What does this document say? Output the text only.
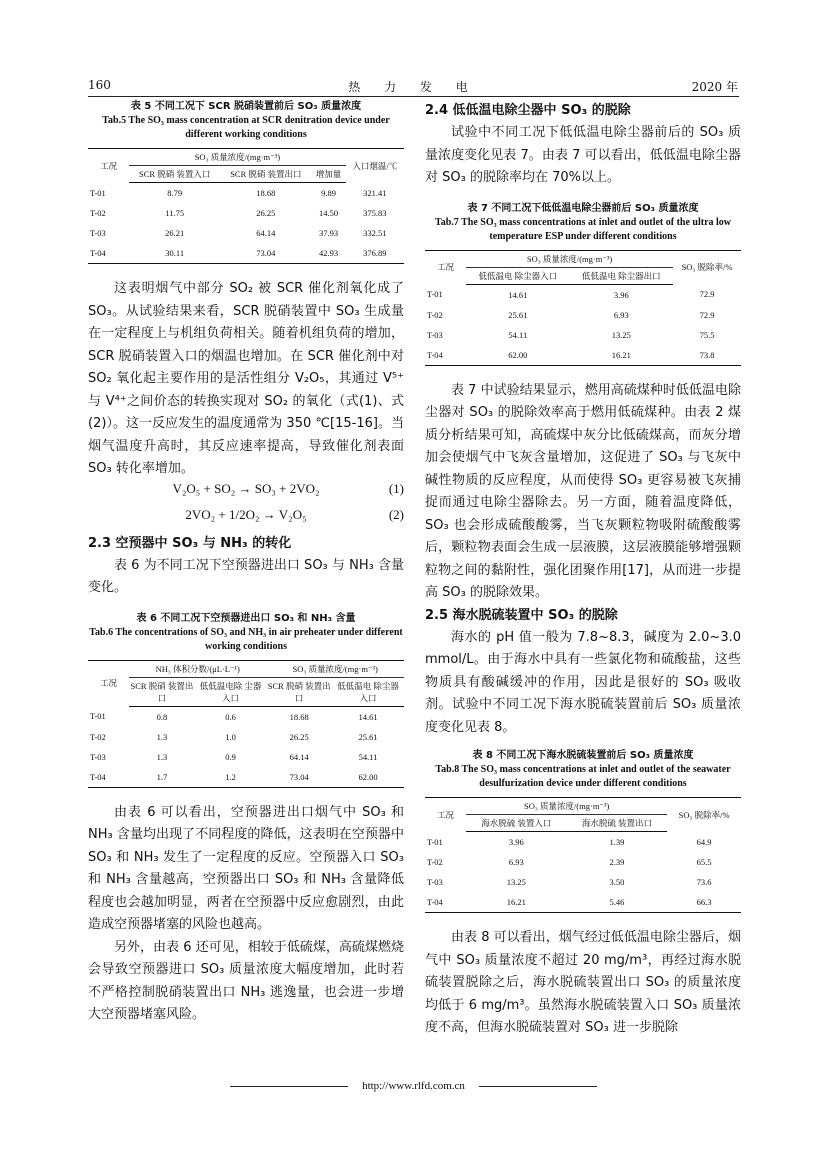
160	热 力 发 电	2020 年
表 5 不同工况下 SCR 脱硝装置前后 SO₃ 质量浓度
Tab.5 The SO₃ mass concentration at SCR denitration device under different working conditions
工况	SO₃ 质量浓度/(mg·m⁻³)			入口烟温/℃
	SCR 脱硝 装置入口	SCR 脱硝 装置出口	增加量	
T-01	8.79	18.68	9.89	321.41
T-02	11.75	26.25	14.50	375.83
T-03	26.21	64.14	37.93	332.51
T-04	30.11	73.04	42.93	376.89

这表明烟气中部分 SO₂ 被 SCR 催化剂氧化成了 SO₃。从试验结果来看，SCR 脱硝装置中 SO₃ 生成量在一定程度上与机组负荷相关。随着机组负荷的增加，SCR 脱硝装置入口的烟温也增加。在 SCR 催化剂中对 SO₂ 氧化起主要作用的是活性组分 V₂O₅，其通过 V⁵⁺与 V⁴⁺之间价态的转换实现对 SO₂ 的氧化（式(1)、式(2)）。这一反应发生的温度通常为 350 ℃[15-16]。当烟气温度升高时，其反应速率提高，导致催化剂表面 SO₃ 转化率增加。

V₂O₅ + SO₂ → SO₃ + 2VO₂	(1)
2VO₂ + 1/2O₂ → V₂O₅	(2)
2.3 空预器中 SO₃ 与 NH₃ 的转化

表 6 为不同工况下空预器进出口 SO₃ 与 NH₃ 含量变化。

表 6 不同工况下空预器进出口 SO₃ 和 NH₃ 含量
Tab.6 The concentrations of SO₃ and NH₃ in air preheater under different working conditions
工况	NH₃ 体积分数/(μL·L⁻¹)		SO₃ 质量浓度/(mg·m⁻³)	
	SCR 脱硝 装置出口	低低温电除 尘器入口	SCR 脱硝 装置出口	低低温电 除尘器入口
T-01	0.8	0.6	18.68	14.61
T-02	1.3	1.0	26.25	25.61
T-03	1.3	0.9	64.14	54.11
T-04	1.7	1.2	73.04	62.00

由表 6 可以看出，空预器进出口烟气中 SO₃ 和 NH₃ 含量均出现了不同程度的降低，这表明在空预器中 SO₃ 和 NH₃ 发生了一定程度的反应。空预器入口 SO₃ 和 NH₃ 含量越高，空预器出口 SO₃ 和 NH₃ 含量降低程度也会越加明显，两者在空预器中反应愈剧烈，由此造成空预器堵塞的风险也越高。

另外，由表 6 还可见，相较于低硫煤，高硫煤燃烧会导致空预器进口 SO₃ 质量浓度大幅度增加，此时若不严格控制脱硝装置出口 NH₃ 逃逸量，也会进一步增大空预器堵塞风险。

2.4 低低温电除尘器中 SO₃ 的脱除

试验中不同工况下低低温电除尘器前后的 SO₃ 质量浓度变化见表 7。由表 7 可以看出，低低温电除尘器对 SO₃ 的脱除率均在 70%以上。

表 7 不同工况下低低温电除尘器前后 SO₃ 质量浓度
Tab.7 The SO₃ mass concentrations at inlet and outlet of the ultra low temperature ESP under different conditions
工况	SO₃ 质量浓度/(mg·m⁻³)		SO₃ 脱除率/%
	低低温电 除尘器入口	低低温电 除尘器出口	
T-01	14.61	3.96	72.9
T-02	25.61	6.93	72.9
T-03	54.11	13.25	75.5
T-04	62.00	16.21	73.8

表 7 中试验结果显示，燃用高硫煤种时低低温电除尘器对 SO₃ 的脱除效率高于燃用低硫煤种。由表 2 煤质分析结果可知，高硫煤中灰分比低硫煤高，而灰分增加会使烟气中飞灰含量增加，这促进了 SO₃ 与飞灰中碱性物质的反应程度，从而使得 SO₃ 更容易被飞灰捕捉而通过电除尘器除去。另一方面，随着温度降低，SO₃ 也会形成硫酸酸雾，当飞灰颗粒物吸附硫酸酸雾后，颗粒物表面会生成一层液膜，这层液膜能够增强颗粒物之间的黏附性，强化团聚作用[17]，从而进一步提高 SO₃ 的脱除效果。

2.5 海水脱硫装置中 SO₃ 的脱除

海水的 pH 值一般为 7.8~8.3，碱度为 2.0~3.0 mmol/L。由于海水中具有一些氯化物和硫酸盐，这些物质具有酸碱缓冲的作用，因此是很好的 SO₃ 吸收剂。试验中不同工况下海水脱硫装置前后 SO₃ 质量浓度变化见表 8。

表 8 不同工况下海水脱硫装置前后 SO₃ 质量浓度
Tab.8 The SO₃ mass concentrations at inlet and outlet of the seawater desulfurization device under different conditions
工况	SO₃ 质量浓度/(mg·m⁻³)		SO₃ 脱除率/%
	海水脱硫 装置入口	海水脱硫 装置出口	
T-01	3.96	1.39	64.9
T-02	6.93	2.39	65.5
T-03	13.25	3.50	73.6
T-04	16.21	5.46	66.3

由表 8 可以看出，烟气经过低低温电除尘器后，烟气中 SO₃ 质量浓度不超过 20 mg/m³，再经过海水脱硫装置脱除之后，海水脱硫装置出口 SO₃ 的质量浓度均低于 6 mg/m³。虽然海水脱硫装置入口 SO₃ 质量浓度不高，但海水脱硫装置对 SO₃ 进一步脱除

http://www.rlfd.com.cn
